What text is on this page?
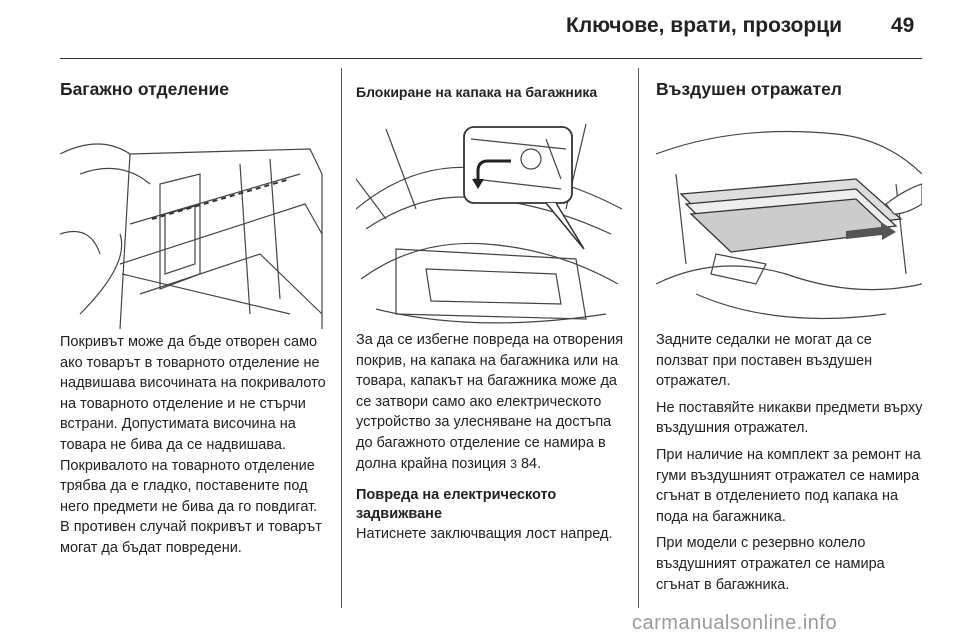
Ключове, врати, прозорци 49
Багажно отделение

Покривът може да бъде отворен само ако товарът в товарното отделение не надвишава височината на покривалото на товарното отделение и не стърчи встрани. Допустимата височина на товара не бива да се надвишава. Покривалото на товарното отделение трябва да е гладко, поставените под него предмети не бива да го повдигат. В противен случай покривът и товарът могат да бъдат повредени.

Блокиране на капака на багажника

За да се избегне повреда на отворения покрив, на капака на багажника или на товара, капакът на багажника може да се затвори само ако електрическото устройство за улесняване на достъпа до багажното отделение се намира в долна крайна позиция 3 84.

Повреда на електрическото задвижване

Натиснете заключващия лост напред.

Въздушен отражател

Задните седалки не могат да се ползват при поставен въздушен отражател.

Не поставяйте никакви предмети върху въздушния отражател.

При наличие на комплект за ремонт на гуми въздушният отражател се намира сгънат в отделението под капака на пода на багажника.

При модели с резервно колело въздушният отражател се намира сгънат в багажника.

carmanualsonline.info
